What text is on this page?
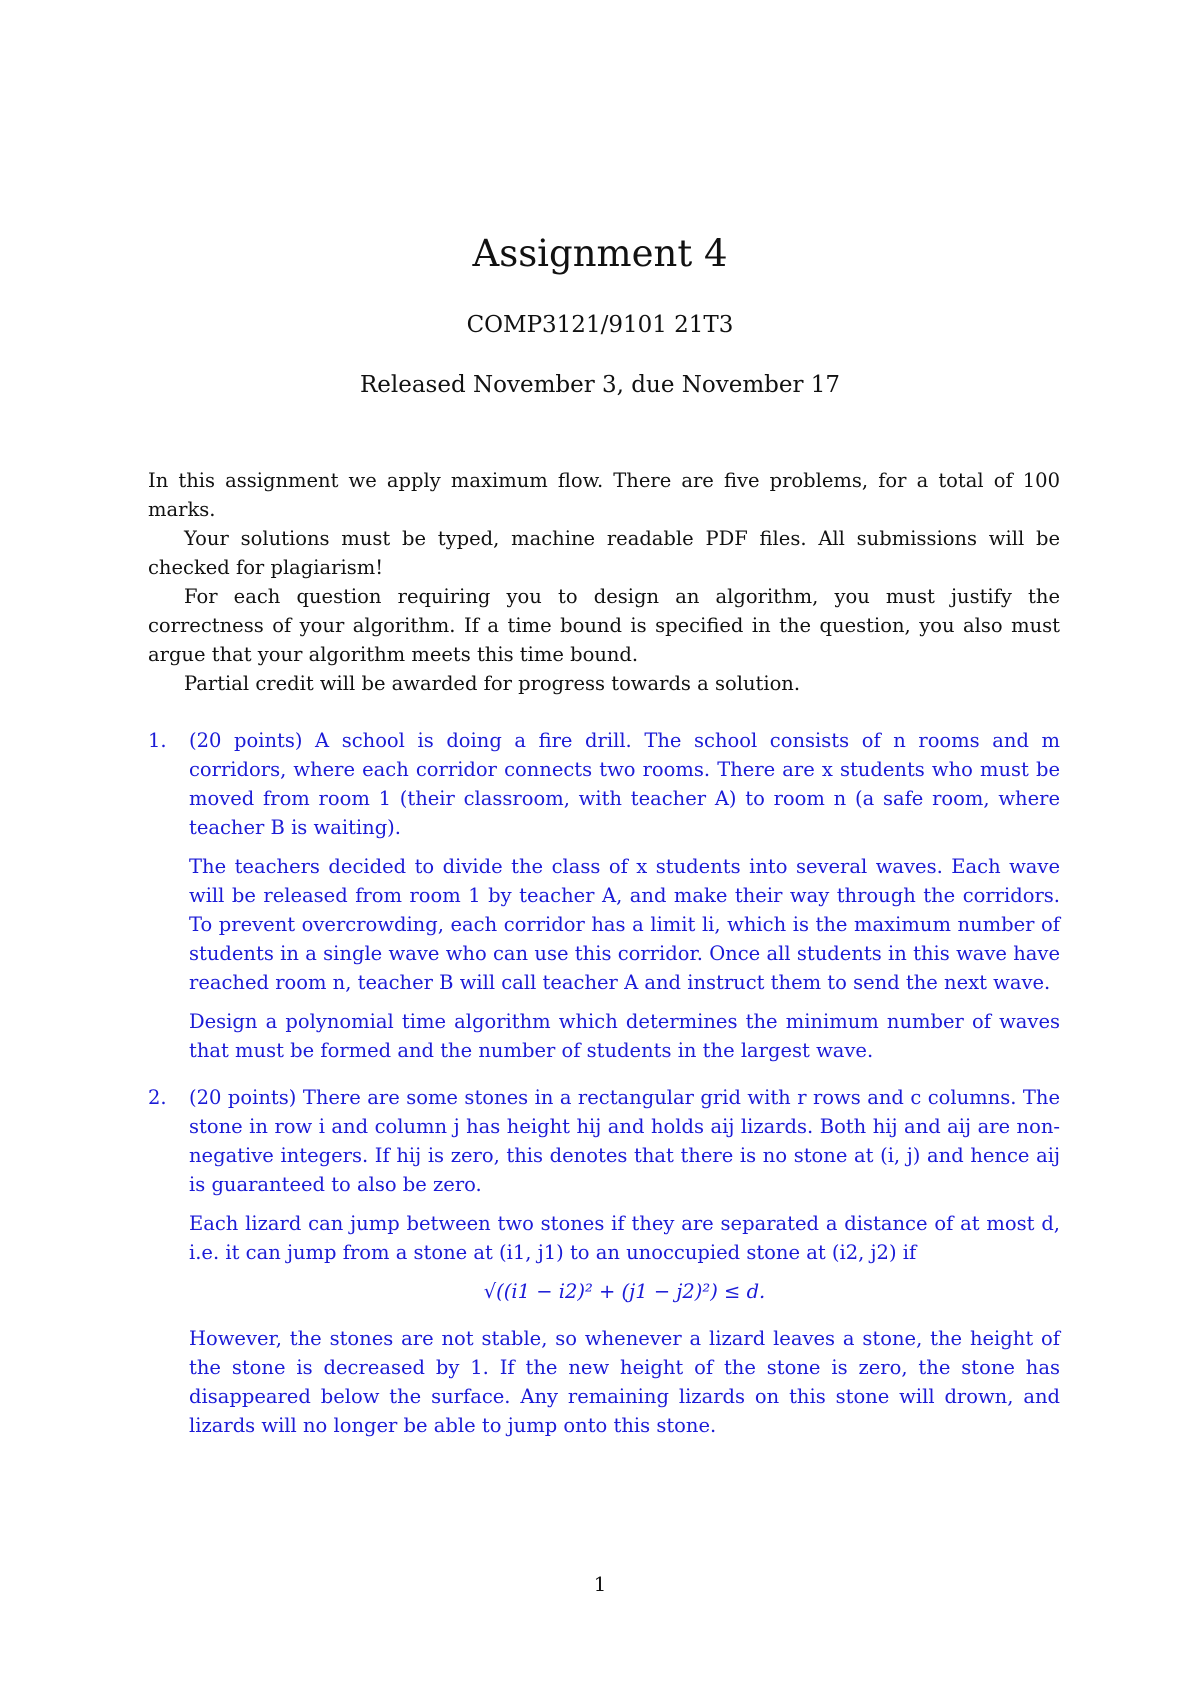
Assignment 4
COMP3121/9101 21T3
Released November 3, due November 17

In this assignment we apply maximum flow. There are five problems, for a total of 100 marks.

Your solutions must be typed, machine readable PDF files. All submissions will be checked for plagiarism!

For each question requiring you to design an algorithm, you must justify the correctness of your algorithm. If a time bound is specified in the question, you also must argue that your algorithm meets this time bound.

Partial credit will be awarded for progress towards a solution.

1. (20 points) A school is doing a fire drill. The school consists of n rooms and m corridors, where each corridor connects two rooms. There are x students who must be moved from room 1 (their classroom, with teacher A) to room n (a safe room, where teacher B is waiting).

The teachers decided to divide the class of x students into several waves. Each wave will be released from room 1 by teacher A, and make their way through the corridors. To prevent overcrowding, each corridor has a limit li, which is the maximum number of students in a single wave who can use this corridor. Once all students in this wave have reached room n, teacher B will call teacher A and instruct them to send the next wave.

Design a polynomial time algorithm which determines the minimum number of waves that must be formed and the number of students in the largest wave.

2. (20 points) There are some stones in a rectangular grid with r rows and c columns. The stone in row i and column j has height hij and holds aij lizards. Both hij and aij are non-negative integers. If hij is zero, this denotes that there is no stone at (i, j) and hence aij is guaranteed to also be zero.

Each lizard can jump between two stones if they are separated a distance of at most d, i.e. it can jump from a stone at (i1, j1) to an unoccupied stone at (i2, j2) if

√((i1 − i2)² + (j1 − j2)²) ≤ d.

However, the stones are not stable, so whenever a lizard leaves a stone, the height of the stone is decreased by 1. If the new height of the stone is zero, the stone has disappeared below the surface. Any remaining lizards on this stone will drown, and lizards will no longer be able to jump onto this stone.

1
